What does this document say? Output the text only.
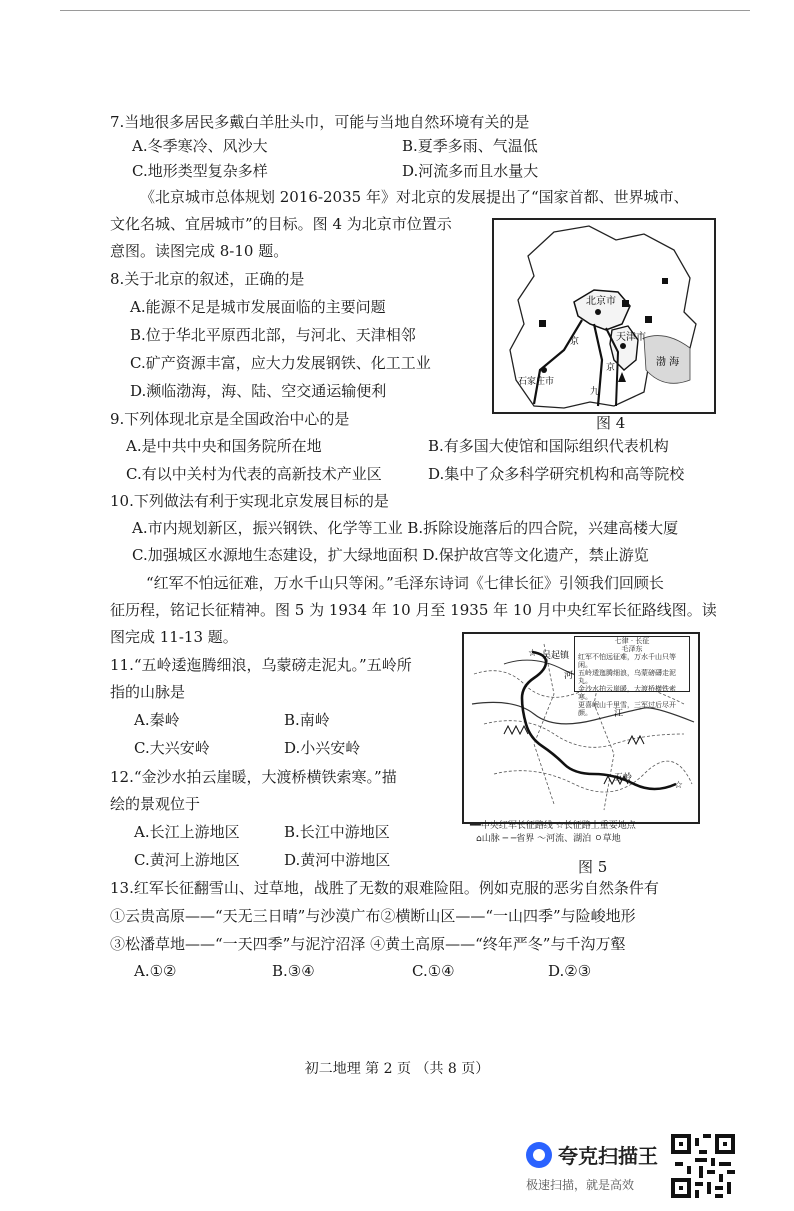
7.当地很多居民多戴白羊肚头巾，可能与当地自然环境有关的是
A.冬季寒冷、风沙大	B.夏季多雨、气温低
C.地形类型复杂多样	D.河流多而且水量大
《北京城市总体规划 2016-2035 年》对北京的发展提出了“国家首都、世界城市、
文化名城、宜居城市”的目标。图 4 为北京市位置示
意图。读图完成 8-10 题。
8.关于北京的叙述，正确的是
A.能源不足是城市发展面临的主要问题
B.位于华北平原西北部，与河北、天津相邻
C.矿产资源丰富，应大力发展钢铁、化工工业
D.濒临渤海，海、陆、空交通运输便利
北京市
天津市
石家庄市
渤 海
京
京
九
图 4
9.下列体现北京是全国政治中心的是
A.是中共中央和国务院所在地	B.有多国大使馆和国际组织代表机构
C.有以中关村为代表的高新技术产业区	D.集中了众多科学研究机构和高等院校
10.下列做法有利于实现北京发展目标的是
A.市内规划新区，振兴钢铁、化学等工业 B.拆除设施落后的四合院，兴建高楼大厦
C.加强城区水源地生态建设，扩大绿地面积 D.保护故宫等文化遗产，禁止游览
“红军不怕远征难，万水千山只等闲。”毛泽东诗词《七律长征》引领我们回顾长
征历程，铭记长征精神。图 5 为 1934 年 10 月至 1935 年 10 月中央红军长征路线图。读
图完成 11-13 题。
11.“五岭逶迤腾细浪，乌蒙磅走泥丸。”五岭所
指的山脉是
A.秦岭	B.南岭
C.大兴安岭	D.小兴安岭
12.“金沙水拍云崖暖，大渡桥横铁索寒。”描
绘的景观位于
A.长江上游地区	B.长江中游地区
C.黄河上游地区	D.黄河中游地区
☆
☆ 吴起镇
江
五岭
河
七律 · 长征
毛泽东
红军不怕远征难，万水千山只等闲。
五岭逶迤腾细浪，乌蒙磅礴走泥丸。
金沙水拍云崖暖，大渡桥横铁索寒。
更喜岷山千里雪，三军过后尽开颜。
━━中央红军长征路线 ☆长征路上重要地点
⌂山脉 ─ ─省界 〜河流、湖泊 ㅇ草地
图 5
13.红军长征翻雪山、过草地，战胜了无数的艰难险阻。例如克服的恶劣自然条件有
①云贵高原——“天无三日晴”与沙漠广布②横断山区——“一山四季”与险峻地形
③松潘草地——“一天四季”与泥泞沼泽 ④黄土高原——“终年严冬”与千沟万壑
A.①②	B.③④	C.①④	D.②③
初二地理 第 2 页 （共 8 页）
夸克扫描王
极速扫描，就是高效
